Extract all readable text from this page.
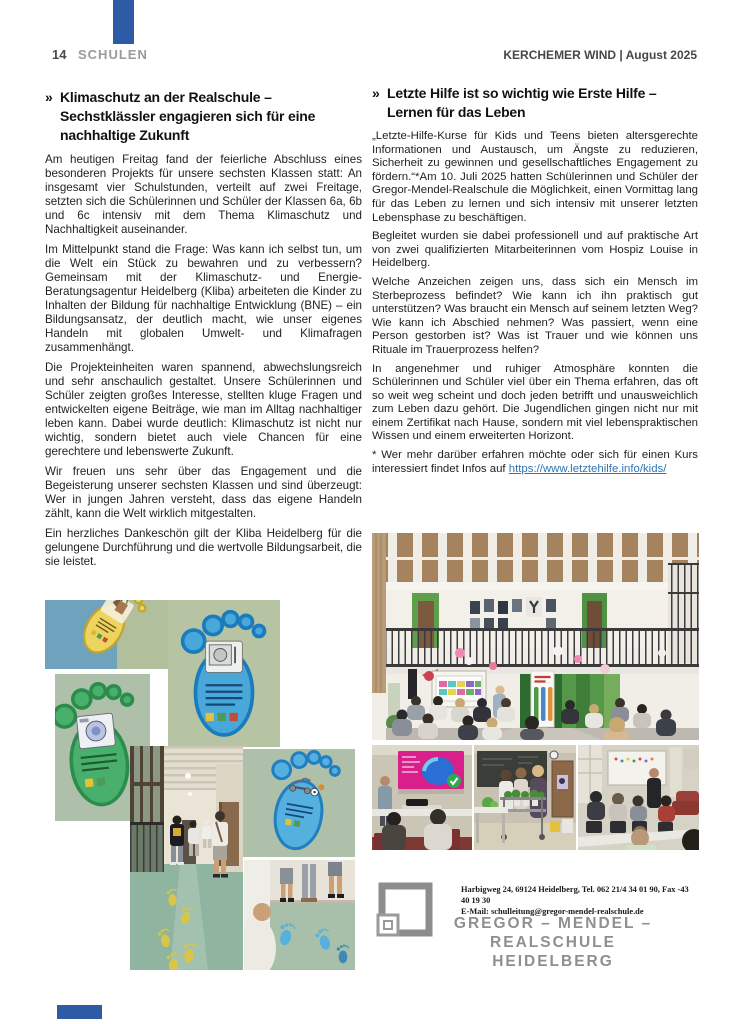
14 SCHULEN	KERCHEMER WIND | August 2025
» Klimaschutz an der Realschule – Sechstklässler engagieren sich für eine nachhaltige Zukunft

Am heutigen Freitag fand der feierliche Abschluss eines besonderen Projekts für unsere sechsten Klassen statt: An insgesamt vier Schulstunden, verteilt auf zwei Freitage, setzten sich die Schülerinnen und Schüler der Klassen 6a, 6b und 6c intensiv mit dem Thema Klimaschutz und Nachhaltigkeit auseinander.

Im Mittelpunkt stand die Frage: Was kann ich selbst tun, um die Welt ein Stück zu bewahren und zu verbessern? Gemeinsam mit der Klimaschutz- und Energie-Beratungsagentur Heidelberg (Kliba) arbeiteten die Kinder zu Inhalten der Bildung für nachhaltige Entwicklung (BNE) – ein Bildungsansatz, der deutlich macht, wie unser eigenes Handeln mit globalen Umwelt- und Klimafragen zusammenhängt.

Die Projekteinheiten waren spannend, abwechslungsreich und sehr anschaulich gestaltet. Unsere Schülerinnen und Schüler zeigten großes Interesse, stellten kluge Fragen und entwickelten eigene Beiträge, wie man im Alltag nachhaltiger leben kann. Dabei wurde deutlich: Klimaschutz ist nicht nur wichtig, sondern bietet auch viele Chancen für eine gerechtere und lebenswerte Zukunft.

Wir freuen uns sehr über das Engagement und die Begeisterung unserer sechsten Klassen und sind überzeugt: Wer in jungen Jahren versteht, dass das eigene Handeln zählt, kann die Welt wirklich mitgestalten.

Ein herzliches Dankeschön gilt der Kliba Heidelberg für die gelungene Durchführung und die wertvolle Bildungsarbeit, die sie leistet.

» Letzte Hilfe ist so wichtig wie Erste Hilfe – Lernen für das Leben

„Letzte-Hilfe-Kurse für Kids und Teens bieten altersgerechte Informationen und Austausch, um Ängste zu reduzieren, Sicherheit zu gewinnen und gesellschaftliches Engagement zu fördern.“*Am 10. Juli 2025 hatten Schülerinnen und Schüler der Gregor-Mendel-Realschule die Möglichkeit, einen Vormittag lang für das Leben zu lernen und sich intensiv mit unserer letzten Lebensphase zu beschäftigen.

Begleitet wurden sie dabei professionell und auf praktische Art von zwei qualifizierten Mitarbeiterinnen vom Hospiz Louise in Heidelberg.

Welche Anzeichen zeigen uns, dass sich ein Mensch im Sterbeprozess befindet? Wie kann ich ihn praktisch gut unterstützen? Was braucht ein Mensch auf seinem letzten Weg? Wie kann ich Abschied nehmen? Was passiert, wenn eine Person gestorben ist? Was ist Trauer und wie können uns Rituale im Trauerprozess helfen?

In angenehmer und ruhiger Atmosphäre konnten die Schülerinnen und Schüler viel über ein Thema erfahren, das oft so weit weg scheint und doch jeden betrifft und unausweichlich zum Leben dazu gehört. Die Jugendlichen gingen nicht nur mit einem Zertifikat nach Hause, sondern mit viel lebenspraktischen Wissen und einem erweiterten Horizont.

* Wer mehr darüber erfahren möchte oder sich für einen Kurs interessiert findet Infos auf https://www.letztehilfe.info/kids/

Harbigweg 24, 69124 Heidelberg, Tel. 062 21/4 34 01 90, Fax -43 40 19 30
E-Mail: schulleitung@gregor-mendel-realschule.de
GREGOR – MENDEL – REALSCHULE
HEIDELBERG
